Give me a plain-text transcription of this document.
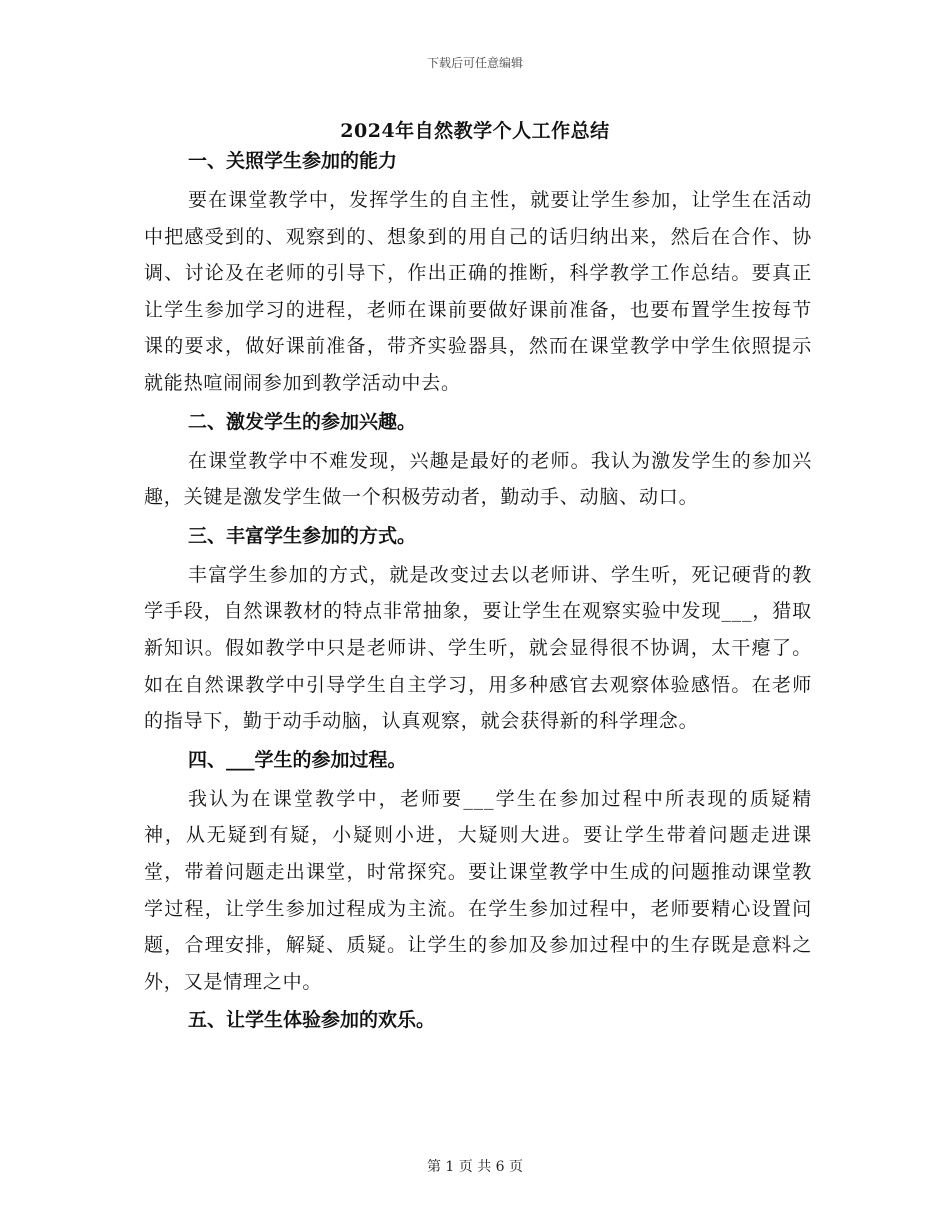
下载后可任意编辑
2024年自然教学个人工作总结
一、关照学生参加的能力

要在课堂教学中，发挥学生的自主性，就要让学生参加，让学生在活动中把感受到的、观察到的、想象到的用自己的话归纳出来，然后在合作、协调、讨论及在老师的引导下，作出正确的推断，科学教学工作总结。要真正让学生参加学习的进程，老师在课前要做好课前准备，也要布置学生按每节课的要求，做好课前准备，带齐实验器具，然而在课堂教学中学生依照提示就能热喧闹闹参加到教学活动中去。

二、激发学生的参加兴趣。

在课堂教学中不难发现，兴趣是最好的老师。我认为激发学生的参加兴趣，关键是激发学生做一个积极劳动者，勤动手、动脑、动口。

三、丰富学生参加的方式。

丰富学生参加的方式，就是改变过去以老师讲、学生听，死记硬背的教学手段，自然课教材的特点非常抽象，要让学生在观察实验中发现___，猎取新知识。假如教学中只是老师讲、学生听，就会显得很不协调，太干瘪了。如在自然课教学中引导学生自主学习，用多种感官去观察体验感悟。在老师的指导下，勤于动手动脑，认真观察，就会获得新的科学理念。

四、___学生的参加过程。

我认为在课堂教学中，老师要___学生在参加过程中所表现的质疑精神，从无疑到有疑，小疑则小进，大疑则大进。要让学生带着问题走进课堂，带着问题走出课堂，时常探究。要让课堂教学中生成的问题推动课堂教学过程，让学生参加过程成为主流。在学生参加过程中，老师要精心设置问题，合理安排，解疑、质疑。让学生的参加及参加过程中的生存既是意料之外，又是情理之中。

五、让学生体验参加的欢乐。
第 1 页 共 6 页
